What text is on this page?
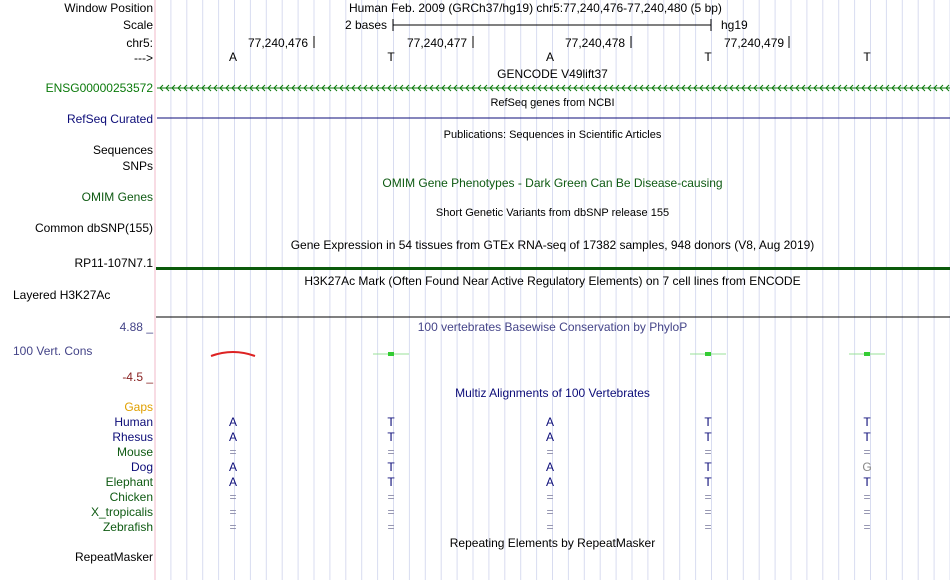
Window Position	Human Feb. 2009 (GRCh37/hg19) chr5:77,240,476-77,240,480 (5 bp)
Scale	2 bases	hg19
chr5:
--->
77,240,476	77,240,477	77,240,478	77,240,479
A	T	A	T	T
GENCODE V49lift37
ENSG00000253572
RefSeq genes from NCBI
RefSeq Curated
Publications: Sequences in Scientific Articles
Sequences
SNPs
OMIM Gene Phenotypes - Dark Green Can Be Disease-causing
OMIM Genes
Short Genetic Variants from dbSNP release 155
Common dbSNP(155)
Gene Expression in 54 tissues from GTEx RNA-seq of 17382 samples, 948 donors (V8, Aug 2019)
RP11-107N7.1
H3K27Ac Mark (Often Found Near Active Regulatory Elements) on 7 cell lines from ENCODE
Layered H3K27Ac
100 vertebrates Basewise Conservation by PhyloP
4.88 _
100 Vert. Cons
-4.5 _
Multiz Alignments of 100 Vertebrates
Gaps
Human	A	T	A	T	T
Rhesus	A	T	A	T	T
Mouse	=	=	=	=	=
Dog	A	T	A	T	G
Elephant	A	T	A	T	T
Chicken	=	=	=	=	=
X_tropicalis	=	=	=	=	=
Zebrafish	=	=	=	=	=
Repeating Elements by RepeatMasker
RepeatMasker
